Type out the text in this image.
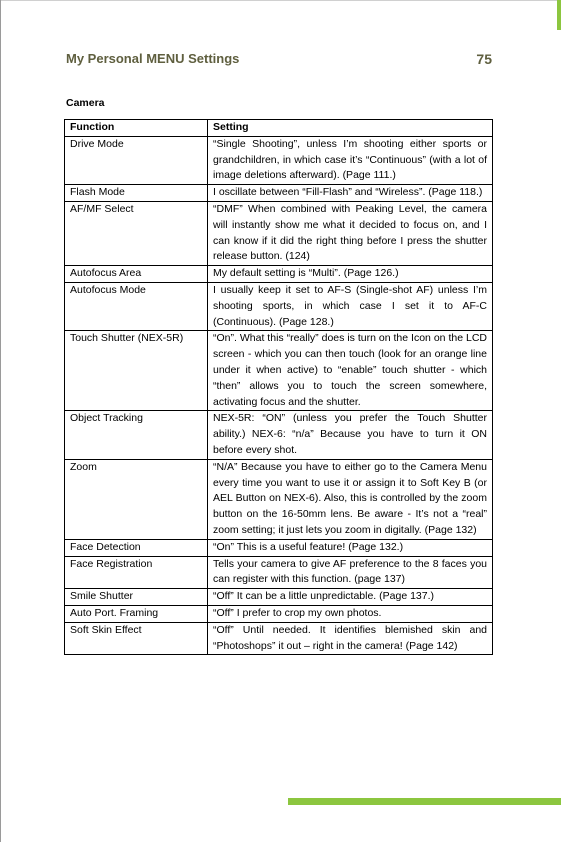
My Personal MENU Settings	75
Camera
Function	Setting
Drive Mode	“Single Shooting”, unless I’m shooting either sports or grandchildren, in which case it’s “Continuous” (with a lot of image deletions afterward). (Page 111.)
Flash Mode	I oscillate between “Fill-Flash” and “Wireless”. (Page 118.)
AF/MF Select	“DMF” When combined with Peaking Level, the camera will instantly show me what it decided to focus on, and I can know if it did the right thing before I press the shutter release button. (124)
Autofocus Area	My default setting is “Multi”. (Page 126.)
Autofocus Mode	I usually keep it set to AF-S (Single-shot AF) unless I’m shooting sports, in which case I set it to AF-C (Continuous). (Page 128.)
Touch Shutter (NEX-5R)	“On”. What this “really” does is turn on the Icon on the LCD screen - which you can then touch (look for an orange line under it when active) to “enable” touch shutter - which “then” allows you to touch the screen somewhere, activating focus and the shutter.
Object Tracking	NEX-5R: “ON” (unless you prefer the Touch Shutter ability.) NEX-6: “n/a” Because you have to turn it ON before every shot.
Zoom	“N/A” Because you have to either go to the Camera Menu every time you want to use it or assign it to Soft Key B (or AEL Button on NEX-6). Also, this is controlled by the zoom button on the 16-50mm lens. Be aware - It’s not a “real” zoom setting; it just lets you zoom in digitally. (Page 132)
Face Detection	“On” This is a useful feature! (Page 132.)
Face Registration	Tells your camera to give AF preference to the 8 faces you can register with this function. (page 137)
Smile Shutter	“Off” It can be a little unpredictable. (Page 137.)
Auto Port. Framing	“Off” I prefer to crop my own photos.
Soft Skin Effect	“Off” Until needed. It identifies blemished skin and “Photoshops” it out – right in the camera! (Page 142)
